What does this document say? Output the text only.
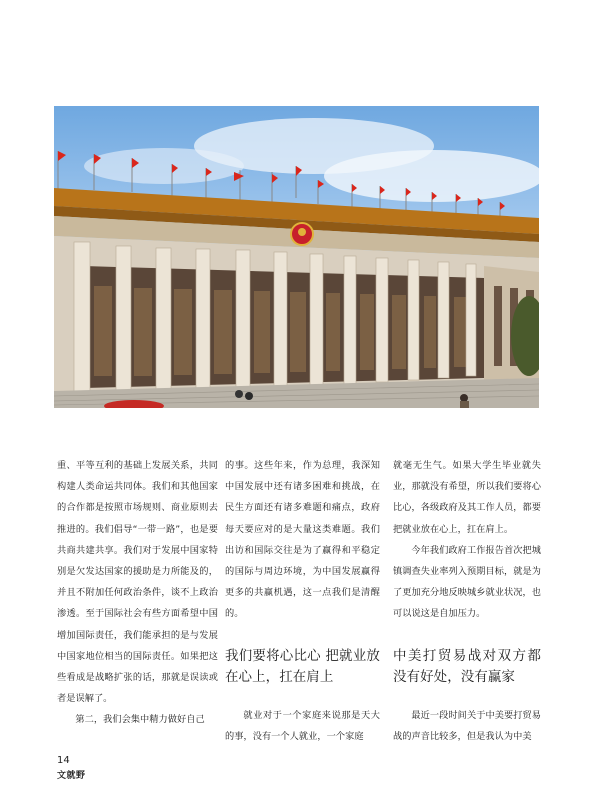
重、平等互利的基础上发展关系，共同构建人类命运共同体。我们和其他国家的合作都是按照市场规则、商业原则去推进的。我们倡导“一带一路”，也是要共商共建共享。我们对于发展中国家特别是欠发达国家的援助是力所能及的，并且不附加任何政治条件，谈不上政治渗透。至于国际社会有些方面希望中国增加国际责任，我们能承担的是与发展中国家地位相当的国际责任。如果把这些看成是战略扩张的话，那就是误读或者是误解了。

第二，我们会集中精力做好自己

的事。这些年来，作为总理，我深知中国发展中还有诸多困难和挑战，在民生方面还有诸多难题和痛点，政府每天要应对的是大量这类难题。我们出访和国际交往是为了赢得和平稳定的国际与周边环境，为中国发展赢得更多的共赢机遇，这一点我们是清醒的。

我们要将心比心 把就业放在心上，扛在肩上

就业对于一个家庭来说那是天大的事，没有一个人就业，一个家庭

就毫无生气。如果大学生毕业就失业，那就没有希望，所以我们要将心比心，各级政府及其工作人员，都要把就业放在心上，扛在肩上。

今年我们政府工作报告首次把城镇调查失业率列入预期目标，就是为了更加充分地反映城乡就业状况，也可以说这是自加压力。

中美打贸易战对双方都没有好处，没有赢家

最近一段时间关于中美要打贸易战的声音比较多，但是我认为中美

14
文就野
